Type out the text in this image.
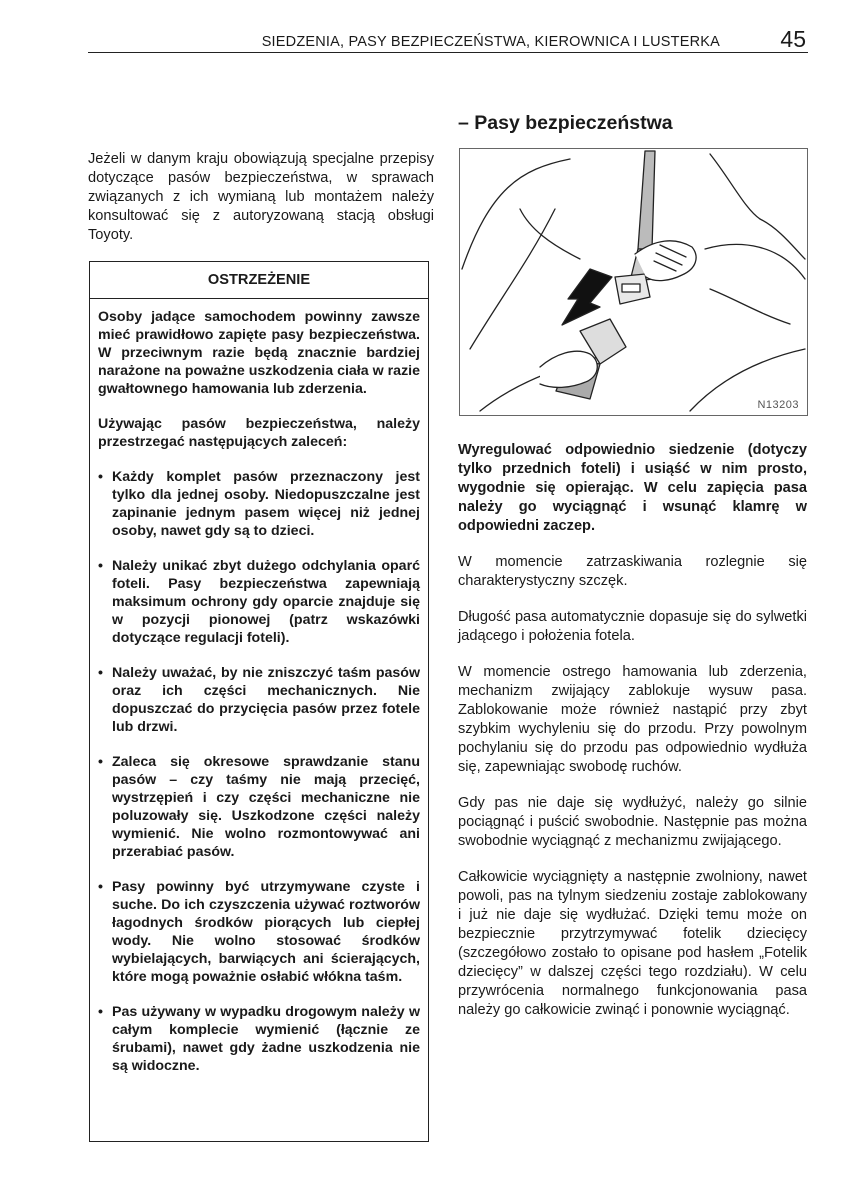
SIEDZENIA, PASY BEZPIECZEŃSTWA, KIEROWNICA I LUSTERKA	45
Jeżeli w danym kraju obowiązują specjalne przepisy dotyczące pasów bezpieczeństwa, w sprawach związanych z ich wymianą lub montażem należy konsultować się z autoryzowaną stacją obsługi Toyoty.
OSTRZEŻENIE

Osoby jadące samochodem powinny zawsze mieć prawidłowo zapięte pasy bezpieczeństwa. W przeciwnym razie będą znacznie bardziej narażone na poważne uszkodzenia ciała w razie gwałtownego hamowania lub zderzenia.

Używając pasów bezpieczeństwa, należy przestrzegać następujących zaleceń:

• Każdy komplet pasów przeznaczony jest tylko dla jednej osoby. Niedopuszczalne jest zapinanie jednym pasem więcej niż jednej osoby, nawet gdy są to dzieci.
• Należy unikać zbyt dużego odchylania oparć foteli. Pasy bezpieczeństwa zapewniają maksimum ochrony gdy oparcie znajduje się w pozycji pionowej (patrz wskazówki dotyczące regulacji foteli).
• Należy uważać, by nie zniszczyć taśm pasów oraz ich części mechanicznych. Nie dopuszczać do przycięcia pasów przez fotele lub drzwi.
• Zaleca się okresowe sprawdzanie stanu pasów – czy taśmy nie mają przecięć, wystrzępień i czy części mechaniczne nie poluzowały się. Uszkodzone części należy wymienić. Nie wolno rozmontowywać ani przerabiać pasów.
• Pasy powinny być utrzymywane czyste i suche. Do ich czyszczenia używać roztworów łagodnych środków piorących lub ciepłej wody. Nie wolno stosować środków wybielających, barwiących ani ścierających, które mogą poważnie osłabić włókna taśm.
• Pas używany w wypadku drogowym należy w całym komplecie wymienić (łącznie ze śrubami), nawet gdy żadne uszkodzenia nie są widoczne.
– Pasy bezpieczeństwa
N13203

Wyregulować odpowiednio siedzenie (dotyczy tylko przednich foteli) i usiąść w nim prosto, wygodnie się opierając. W celu zapięcia pasa należy go wyciągnąć i wsunąć klamrę w odpowiedni zaczep.

W momencie zatrzaskiwania rozlegnie się charakterystyczny szczęk.

Długość pasa automatycznie dopasuje się do sylwetki jadącego i położenia fotela.

W momencie ostrego hamowania lub zderzenia, mechanizm zwijający zablokuje wysuw pasa. Zablokowanie może również nastąpić przy zbyt szybkim wychyleniu się do przodu. Przy powolnym pochylaniu się do przodu pas odpowiednio wydłuża się, zapewniając swobodę ruchów.

Gdy pas nie daje się wydłużyć, należy go silnie pociągnąć i puścić swobodnie. Następnie pas można swobodnie wyciągnąć z mechanizmu zwijającego.

Całkowicie wyciągnięty a następnie zwolniony, nawet powoli, pas na tylnym siedzeniu zostaje zablokowany i już nie daje się wydłużać. Dzięki temu może on bezpiecznie przytrzymywać fotelik dziecięcy (szczegółowo zostało to opisane pod hasłem „Fotelik dziecięcy” w dalszej części tego rozdziału). W celu przywrócenia normalnego funkcjonowania pasa należy go całkowicie zwinąć i ponownie wyciągnąć.
